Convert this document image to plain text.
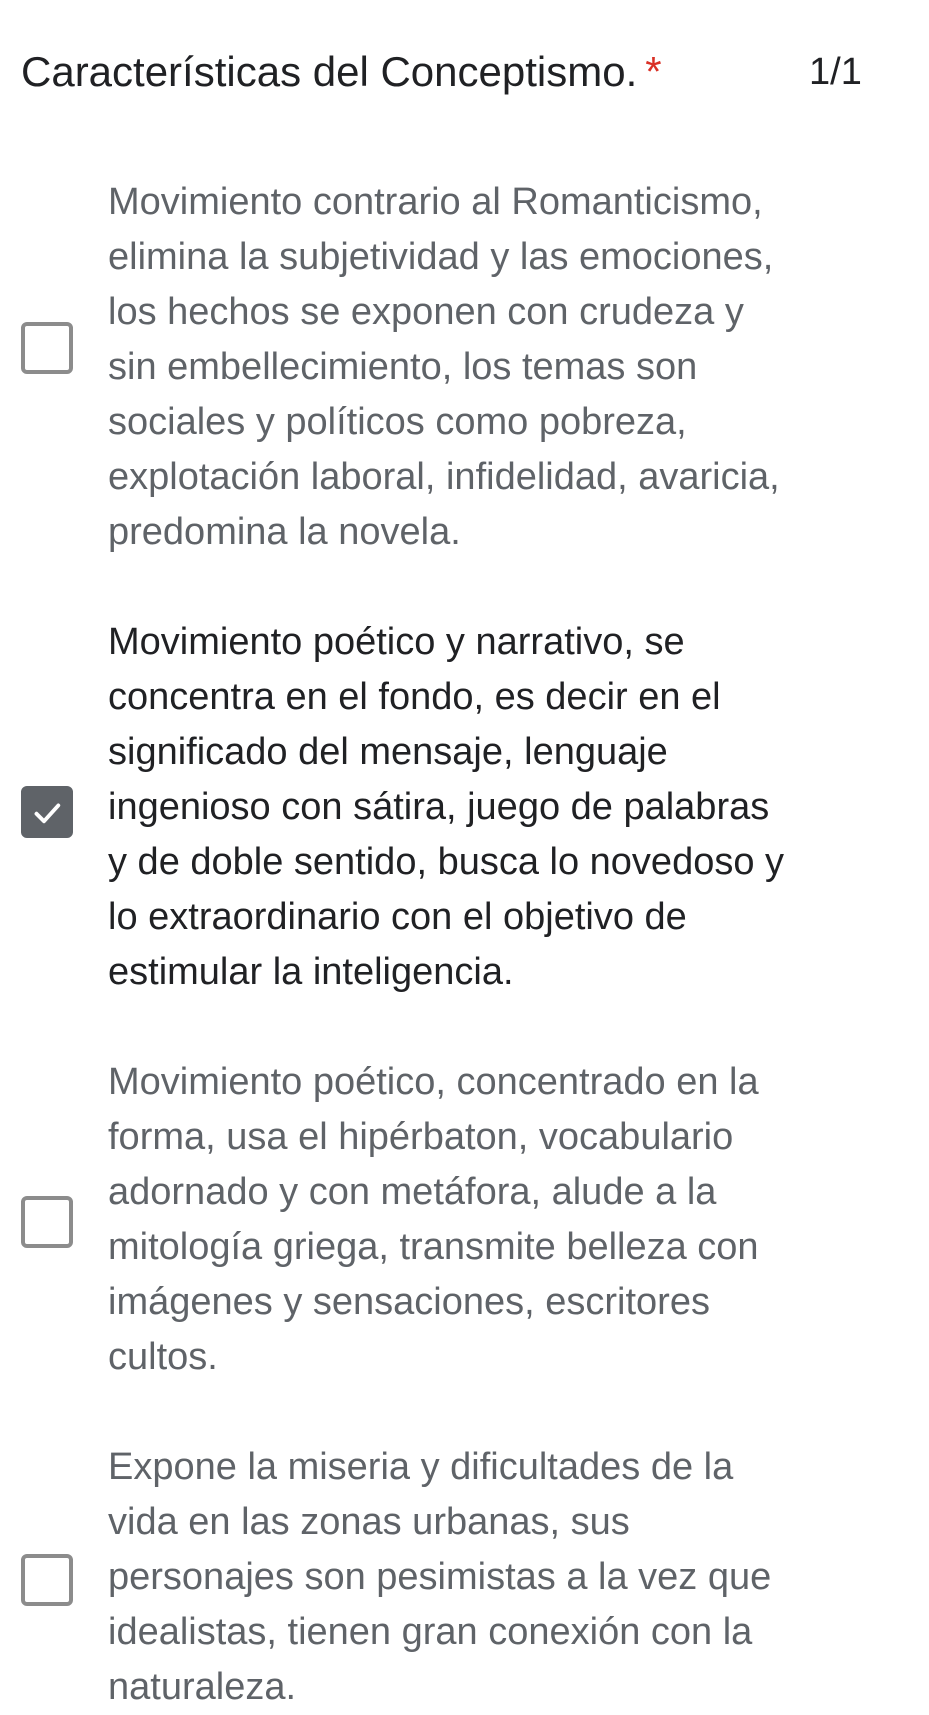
Características del Conceptismo. *	1/1
Movimiento contrario al Romanticismo,
elimina la subjetividad y las emociones,
los hechos se exponen con crudeza y
sin embellecimiento, los temas son
sociales y políticos como pobreza,
explotación laboral, infidelidad, avaricia,
predomina la novela.
Movimiento poético y narrativo, se
concentra en el fondo, es decir en el
significado del mensaje, lenguaje
ingenioso con sátira, juego de palabras
y de doble sentido, busca lo novedoso y
lo extraordinario con el objetivo de
estimular la inteligencia.
Movimiento poético, concentrado en la
forma, usa el hipérbaton, vocabulario
adornado y con metáfora, alude a la
mitología griega, transmite belleza con
imágenes y sensaciones, escritores
cultos.
Expone la miseria y dificultades de la
vida en las zonas urbanas, sus
personajes son pesimistas a la vez que
idealistas, tienen gran conexión con la
naturaleza.
